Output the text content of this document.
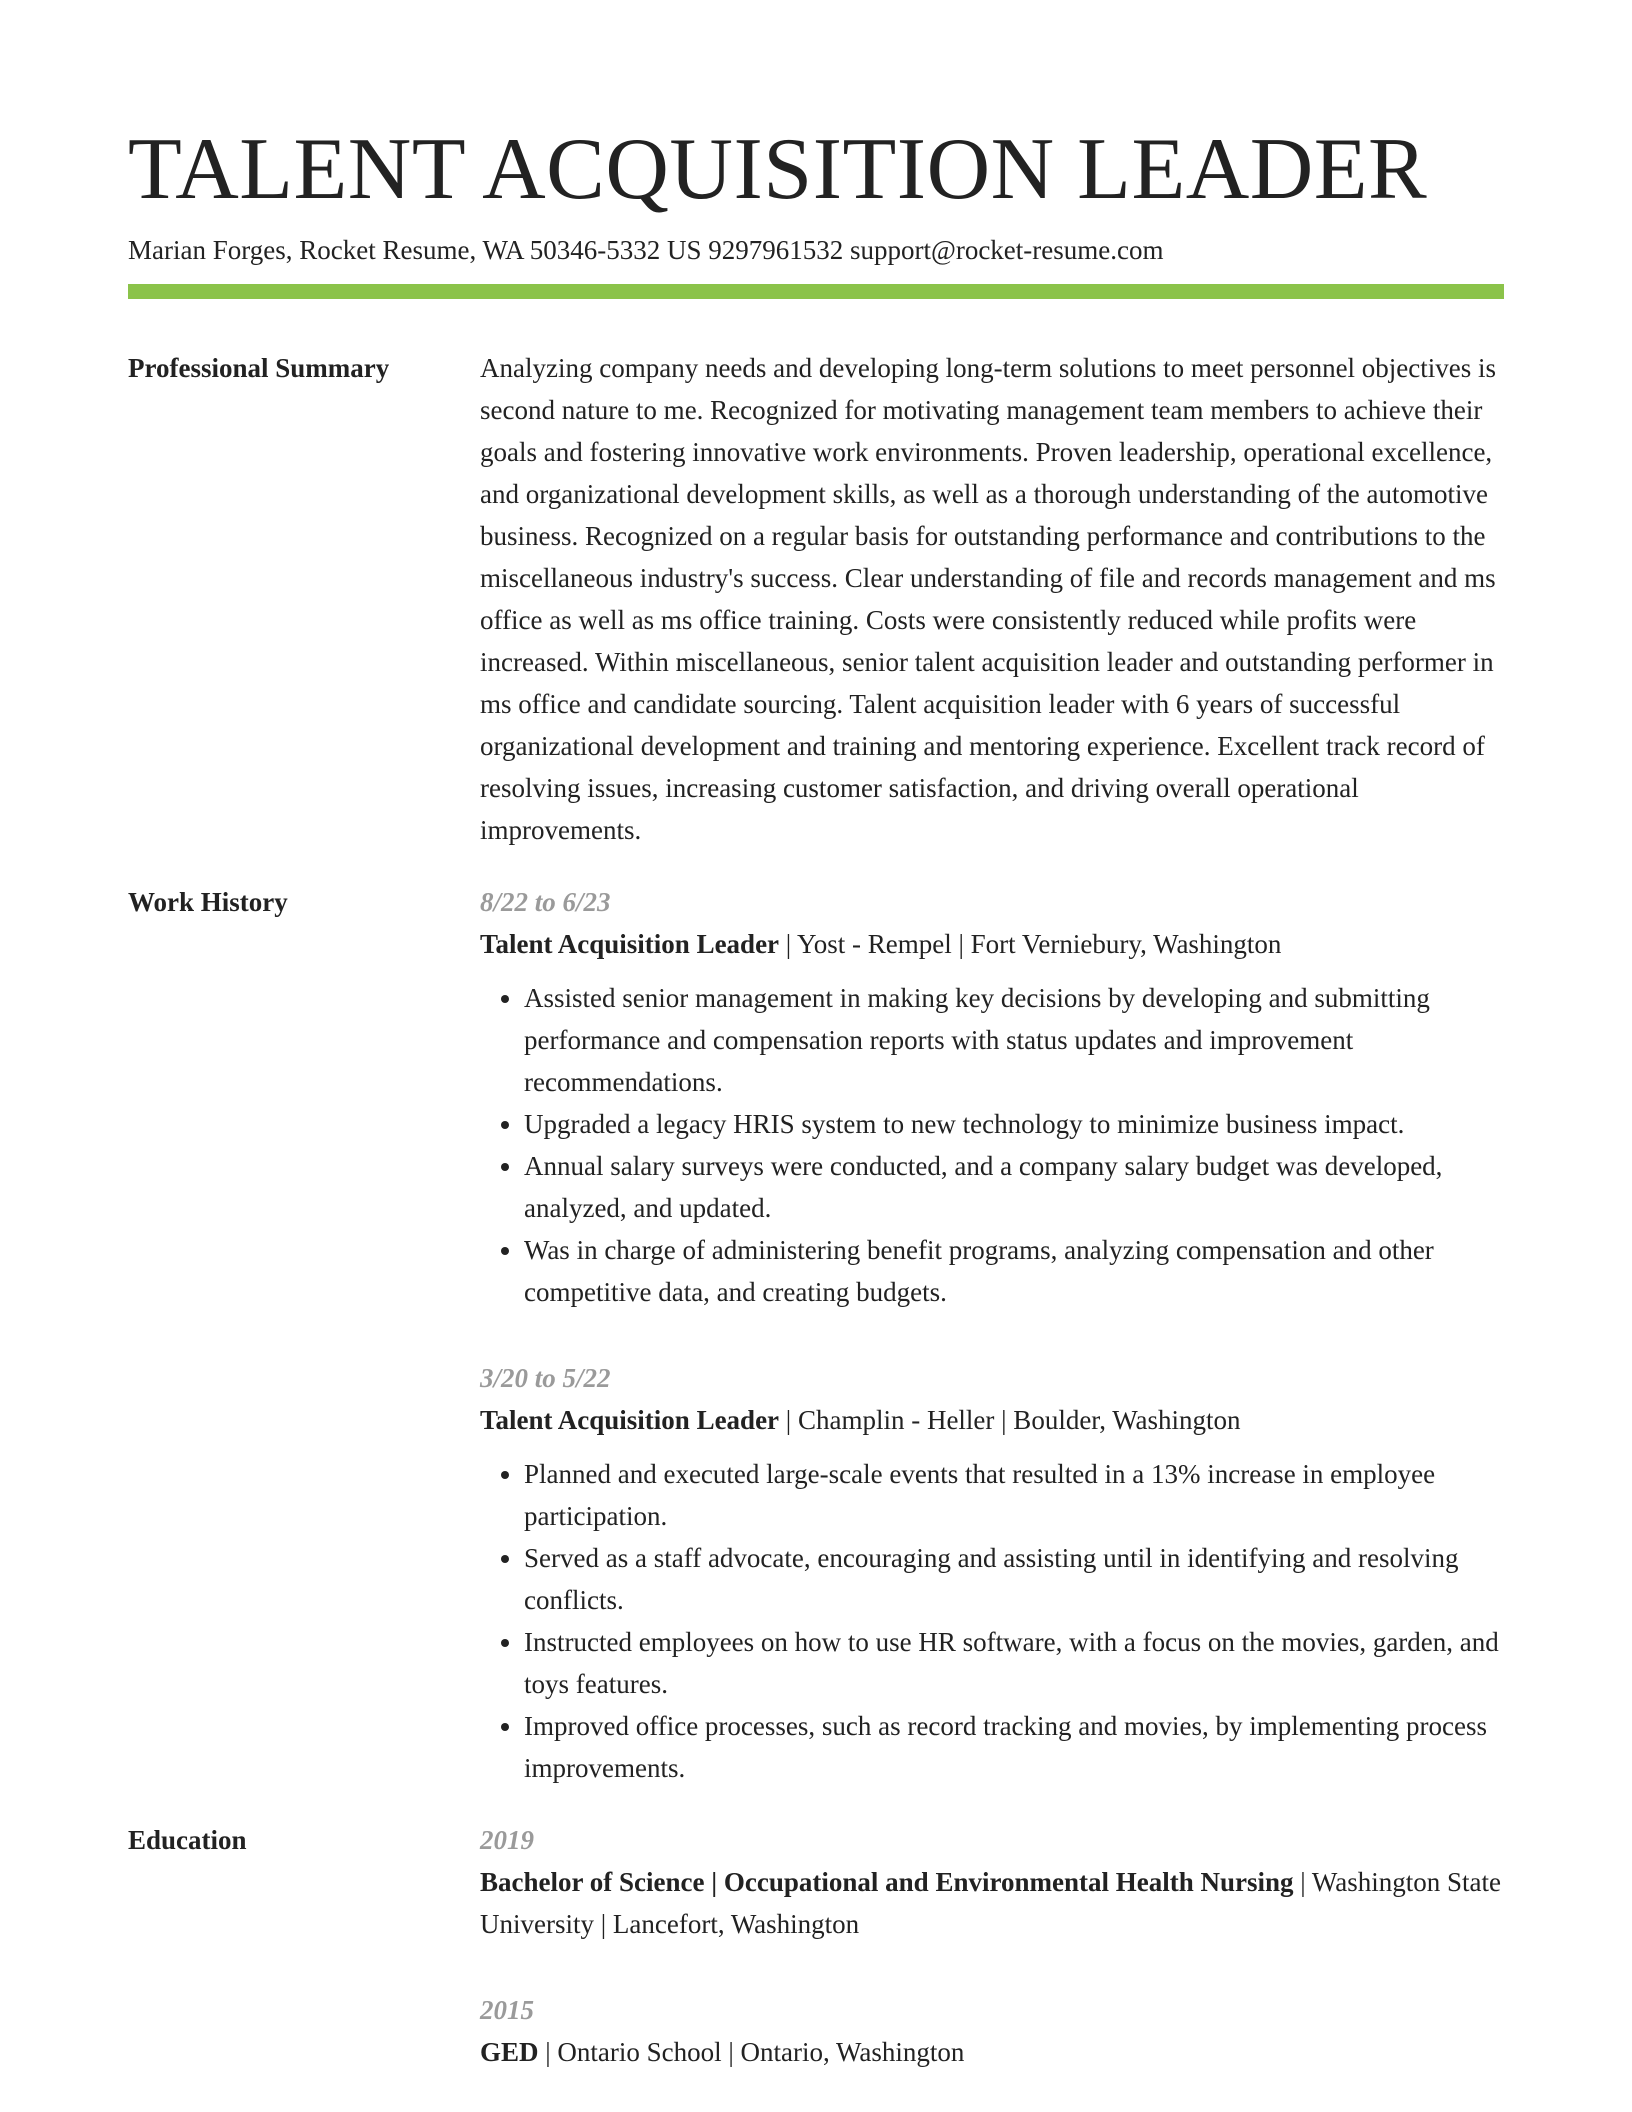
TALENT ACQUISITION LEADER
Marian Forges, Rocket Resume, WA 50346-5332 US 9297961532 support@rocket-resume.com
Professional Summary	Analyzing company needs and developing long-term solutions to meet personnel objectives is second nature to me. Recognized for motivating management team members to achieve their goals and fostering innovative work environments. Proven leadership, operational excellence, and organizational development skills, as well as a thorough understanding of the automotive business. Recognized on a regular basis for outstanding performance and contributions to the miscellaneous industry's success. Clear understanding of file and records management and ms office as well as ms office training. Costs were consistently reduced while profits were increased. Within miscellaneous, senior talent acquisition leader and outstanding performer in ms office and candidate sourcing. Talent acquisition leader with 6 years of successful organizational development and training and mentoring experience. Excellent track record of resolving issues, increasing customer satisfaction, and driving overall operational improvements.

Work History	8/22 to 6/23
Talent Acquisition Leader | Yost - Rempel | Fort Verniebury, Washington
• Assisted senior management in making key decisions by developing and submitting performance and compensation reports with status updates and improvement recommendations.
• Upgraded a legacy HRIS system to new technology to minimize business impact.
• Annual salary surveys were conducted, and a company salary budget was developed, analyzed, and updated.
• Was in charge of administering benefit programs, analyzing compensation and other competitive data, and creating budgets.
3/20 to 5/22
Talent Acquisition Leader | Champlin - Heller | Boulder, Washington
• Planned and executed large-scale events that resulted in a 13% increase in employee participation.
• Served as a staff advocate, encouraging and assisting until in identifying and resolving conflicts.
• Instructed employees on how to use HR software, with a focus on the movies, garden, and toys features.
• Improved office processes, such as record tracking and movies, by implementing process improvements.
Education	2019
Bachelor of Science | Occupational and Environmental Health Nursing | Washington State University | Lancefort, Washington
2015
GED | Ontario School | Ontario, Washington
